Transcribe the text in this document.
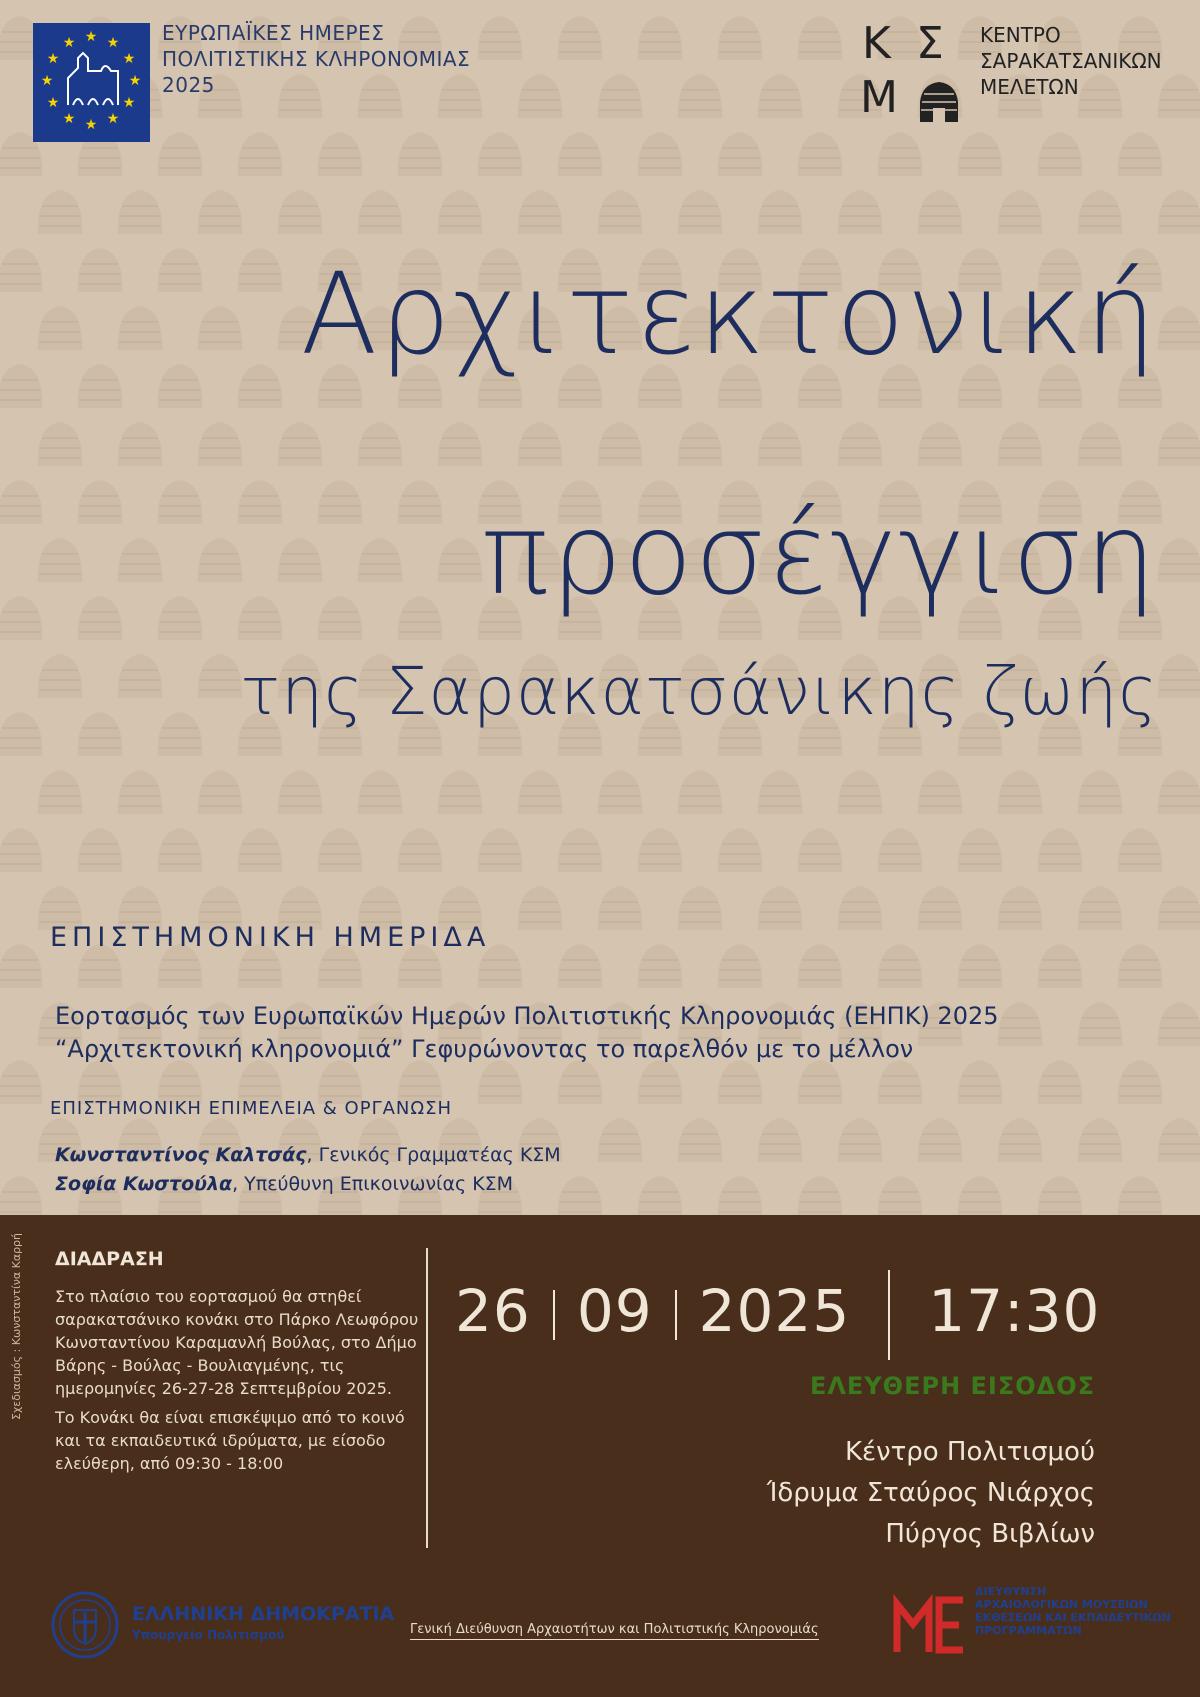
★ ★
★
★
★
★
★
★
★
★
★
★	ΕΥΡΩΠΑΪΚΕΣ ΗΜΕΡΕΣ
ΠΟΛΙΤΙΣΤΙΚΗΣ ΚΛΗΡΟΝΟΜΙΑΣ
2025
Κ Σ
Μ
ΚΕΝΤΡΟ
ΣΑΡΑΚΑΤΣΑΝΙΚΩΝ
ΜΕΛΕΤΩΝ
Αρχιτεκτονική
προσέγγιση
της Σαρακατσάνικης ζωής
ΕΠΙΣΤΗΜΟΝΙΚΗ ΗΜΕΡΙΔΑ
Εορτασμός των Ευρωπαϊκών Ημερών Πολιτιστικής Κληρονομιάς (ΕΗΠΚ) 2025
“Αρχιτεκτονική κληρονομιά” Γεφυρώνοντας το παρελθόν με το μέλλον
ΕΠΙΣΤΗΜΟΝΙΚΗ ΕΠΙΜΕΛΕΙΑ & ΟΡΓΑΝΩΣΗ
Κωνσταντίνος Καλτσάς, Γενικός Γραμματέας ΚΣΜ
Σοφία Κωστούλα, Υπεύθυνη Επικοινωνίας ΚΣΜ
Σχεδιασμός : Κωνσταντίνα Καρρή ΔΙΑΔΡΑΣΗ

Στο πλαίσιο του εορτασμού θα στηθεί σαρακατσάνικο κονάκι στο Πάρκο Λεωφόρου Κωνσταντίνου Καραμανλή Βούλας, στο Δήμο Βάρης - Βούλας - Βουλιαγμένης, τις ημερομηνίες 26-27-28 Σεπτεμβρίου 2025.

Το Κονάκι θα είναι επισκέψιμο από το κοινό και τα εκπαιδευτικά ιδρύματα, με είσοδο ελεύθερη, από 09:30 - 18:00

26 09 2025 17:30
ΕΛΕΥΘΕΡΗ ΕΙΣΟΔΟΣ
Κέντρο Πολιτισμού
Ίδρυμα Σταύρος Νιάρχος
Πύργος Βιβλίων
ΕΛΛΗΝΙΚΗ ΔΗΜΟΚΡΑΤΙΑ
Υπουργείο Πολιτισμού	Γενική Διεύθυνση Αρχαιοτήτων και Πολιτιστικής Κληρονομιάς
ΔΙΕΥΘΥΝΣΗ
ΑΡΧΑΙΟΛΟΓΙΚΩΝ ΜΟΥΣΕΙΩΝ
ΕΚΘΕΣΕΩΝ ΚΑΙ ΕΚΠΑΙΔΕΥΤΙΚΩΝ
ΠΡΟΓΡΑΜΜΑΤΩΝ
